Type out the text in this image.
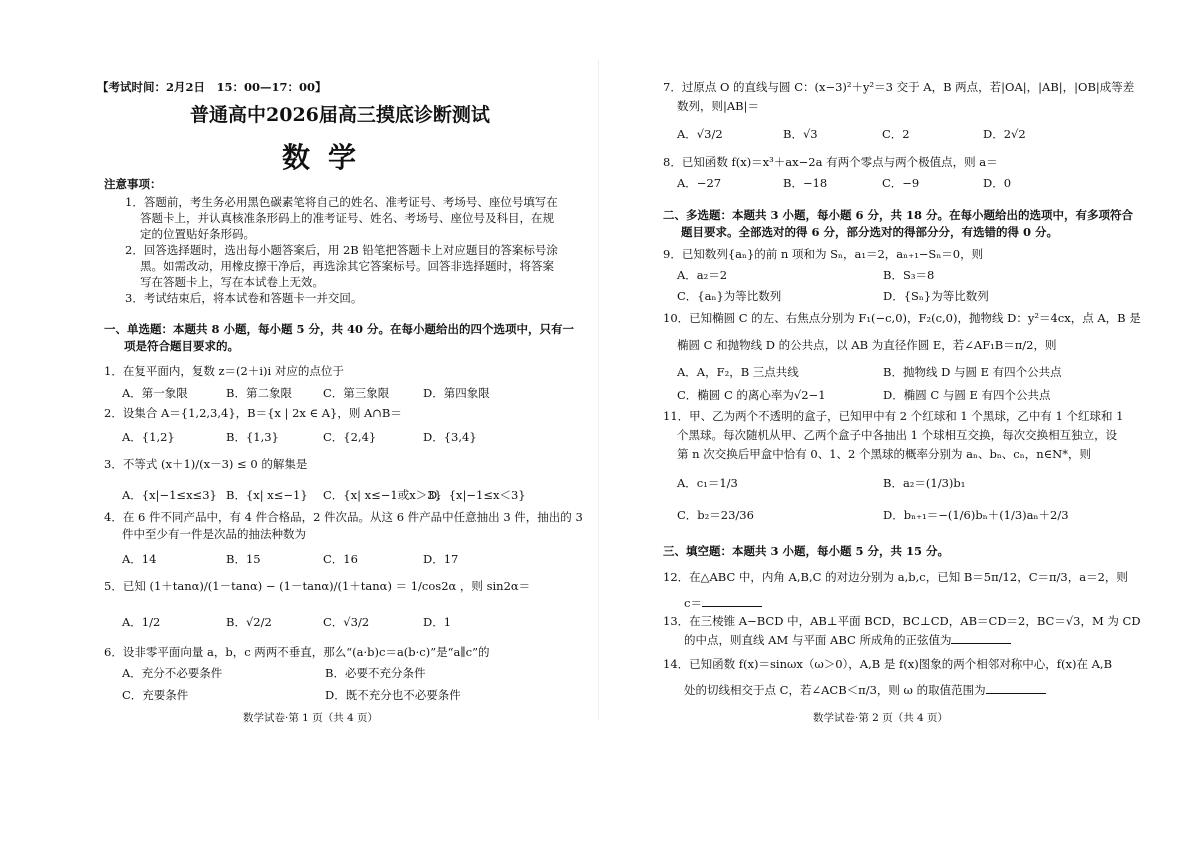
【考试时间：2月2日　15：00—17：00】
普通高中2026届高三摸底诊断测试
数学
注意事项：
1．答题前，考生务必用黑色碳素笔将自己的姓名、准考证号、考场号、座位号填写在
答题卡上，并认真核准条形码上的准考证号、姓名、考场号、座位号及科目，在规
定的位置贴好条形码。
2．回答选择题时，选出每小题答案后，用 2B 铅笔把答题卡上对应题目的答案标号涂
黑。如需改动，用橡皮擦干净后，再选涂其它答案标号。回答非选择题时，将答案
写在答题卡上，写在本试卷上无效。
3．考试结束后，将本试卷和答题卡一并交回。
一、单选题：本题共 8 小题，每小题 5 分，共 40 分。在每小题给出的四个选项中，只有一
项是符合题目要求的。
1．在复平面内，复数 z＝(2＋i)i 对应的点位于
A．第一象限	B．第二象限	C．第三象限	D．第四象限
2．设集合 A＝{1,2,3,4}，B＝{x | 2x ∈ A}，则 A∩B＝
A．{1,2}	B．{1,3}	C．{2,4}	D．{3,4}
3．不等式 (x＋1)/(x－3) ≤ 0 的解集是
A．{x|−1≤x≤3} B．{x| x≤−1} C．{x| x≤−1或x＞3}
D．{x|−1≤x＜3}
4．在 6 件不同产品中，有 4 件合格品，2 件次品。从这 6 件产品中任意抽出 3 件，抽出的 3
件中至少有一件是次品的抽法种数为
A．14	B．15	C．16	D．17
5．已知 (1＋tanα)/(1－tanα) − (1－tanα)/(1＋tanα) ＝ 1/cos2α ，则 sin2α＝
A．1/2	B．√2/2	C．√3/2	D．1
6．设非零平面向量 a，b，c 两两不垂直，那么“(a·b)c＝a(b·c)”是“a∥c”的
A．充分不必要条件	B．必要不充分条件
C．充要条件	D．既不充分也不必要条件
数学试卷·第 1 页（共 4 页）
7．过原点 O 的直线与圆 C：(x−3)²＋y²＝3 交于 A，B 两点，若|OA|，|AB|，|OB|成等差
数列，则|AB|＝
A．√3/2	B．√3	C．2	D．2√2
8．已知函数 f(x)＝x³＋ax−2a 有两个零点与两个极值点，则 a＝
A．−27	B．−18	C．−9	D．0
二、多选题：本题共 3 小题，每小题 6 分，共 18 分。在每小题给出的选项中，有多项符合
题目要求。全部选对的得 6 分，部分选对的得部分分，有选错的得 0 分。
9．已知数列{aₙ}的前 n 项和为 Sₙ，a₁＝2，aₙ₊₁−Sₙ＝0，则
A．a₂＝2	B．S₃＝8
C．{aₙ}为等比数列	D．{Sₙ}为等比数列
10．已知椭圆 C 的左、右焦点分别为 F₁(−c,0)，F₂(c,0)，抛物线 D：y²＝4cx，点 A，B 是
椭圆 C 和抛物线 D 的公共点，以 AB 为直径作圆 E，若∠AF₁B＝π/2，则
A．A，F₂，B 三点共线	B．抛物线 D 与圆 E 有四个公共点
C．椭圆 C 的离心率为√2−1	D．椭圆 C 与圆 E 有四个公共点
11．甲、乙为两个不透明的盒子，已知甲中有 2 个红球和 1 个黑球，乙中有 1 个红球和 1
个黑球。每次随机从甲、乙两个盒子中各抽出 1 个球相互交换，每次交换相互独立，设
第 n 次交换后甲盒中恰有 0、1、2 个黑球的概率分别为 aₙ、bₙ、cₙ，n∈N*，则
A．c₁＝1/3	B．a₂＝(1/3)b₁
C．b₂＝23/36	D．bₙ₊₁＝−(1/6)bₙ＋(1/3)aₙ＋2/3
三、填空题：本题共 3 小题，每小题 5 分，共 15 分。
12．在△ABC 中，内角 A,B,C 的对边分别为 a,b,c，已知 B＝5π/12，C＝π/3，a＝2，则
c＝
13．在三棱锥 A−BCD 中，AB⊥平面 BCD，BC⊥CD，AB＝CD＝2，BC＝√3，M 为 CD
的中点，则直线 AM 与平面 ABC 所成角的正弦值为
14．已知函数 f(x)＝sinωx（ω＞0），A,B 是 f(x)图象的两个相邻对称中心，f(x)在 A,B
处的切线相交于点 C，若∠ACB＜π/3，则 ω 的取值范围为
数学试卷·第 2 页（共 4 页）
